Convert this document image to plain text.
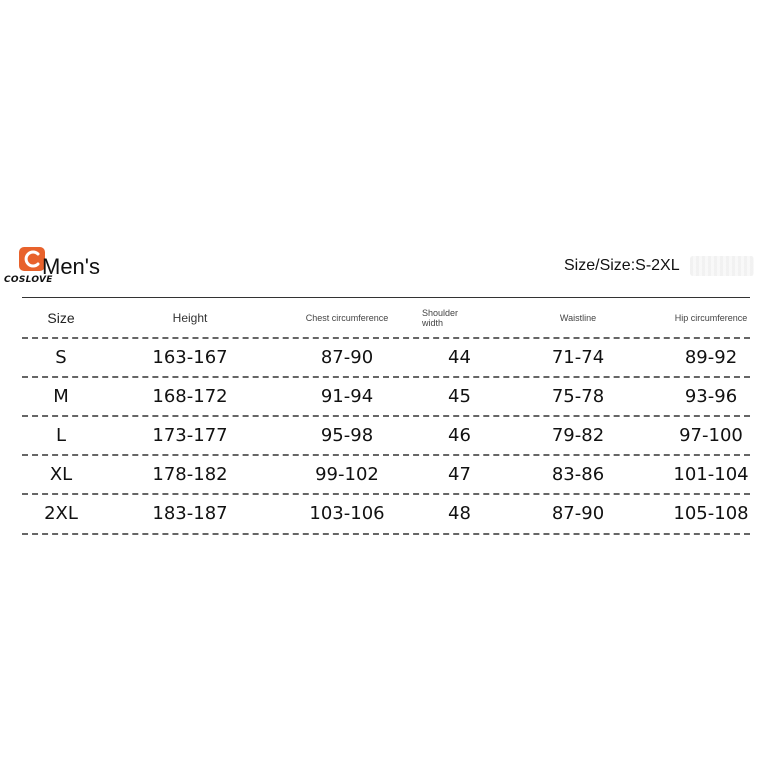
COSLOVE
Men's	Size/Size:S-2XL
Size	Height	Chest circumference	Shoulder
width	Waistline	Hip circumference
S	163-167	87-90	44	71-74	89-92
M	168-172	91-94	45	75-78	93-96
L	173-177	95-98	46	79-82	97-100
XL	178-182	99-102	47	83-86	101-104
2XL	183-187	103-106	48	87-90	105-108
